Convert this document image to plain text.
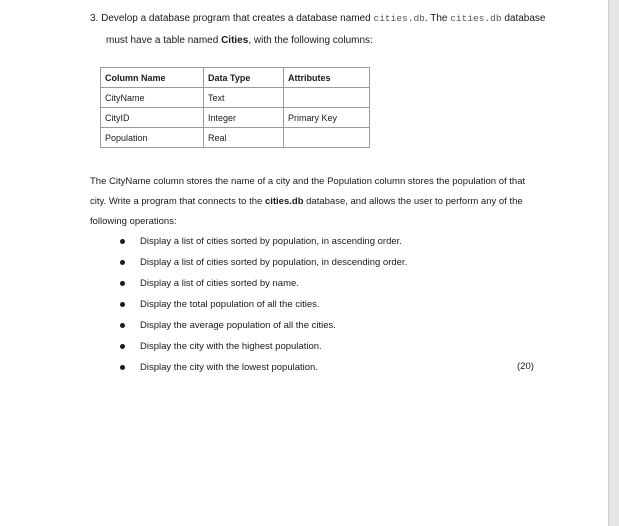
3. Develop a database program that creates a database named cities.db. The cities.db database
must have a table named Cities, with the following columns:
Column Name	Data Type	Attributes
CityName	Text	
CityID	Integer	Primary Key
Population	Real	
The CityName column stores the name of a city and the Population column stores the population of that
city. Write a program that connects to the cities.db database, and allows the user to perform any of the
following operations:
Display a list of cities sorted by population, in ascending order.
Display a list of cities sorted by population, in descending order.
Display a list of cities sorted by name.
Display the total population of all the cities.
Display the average population of all the cities.
Display the city with the highest population.
Display the city with the lowest population.	(20)
